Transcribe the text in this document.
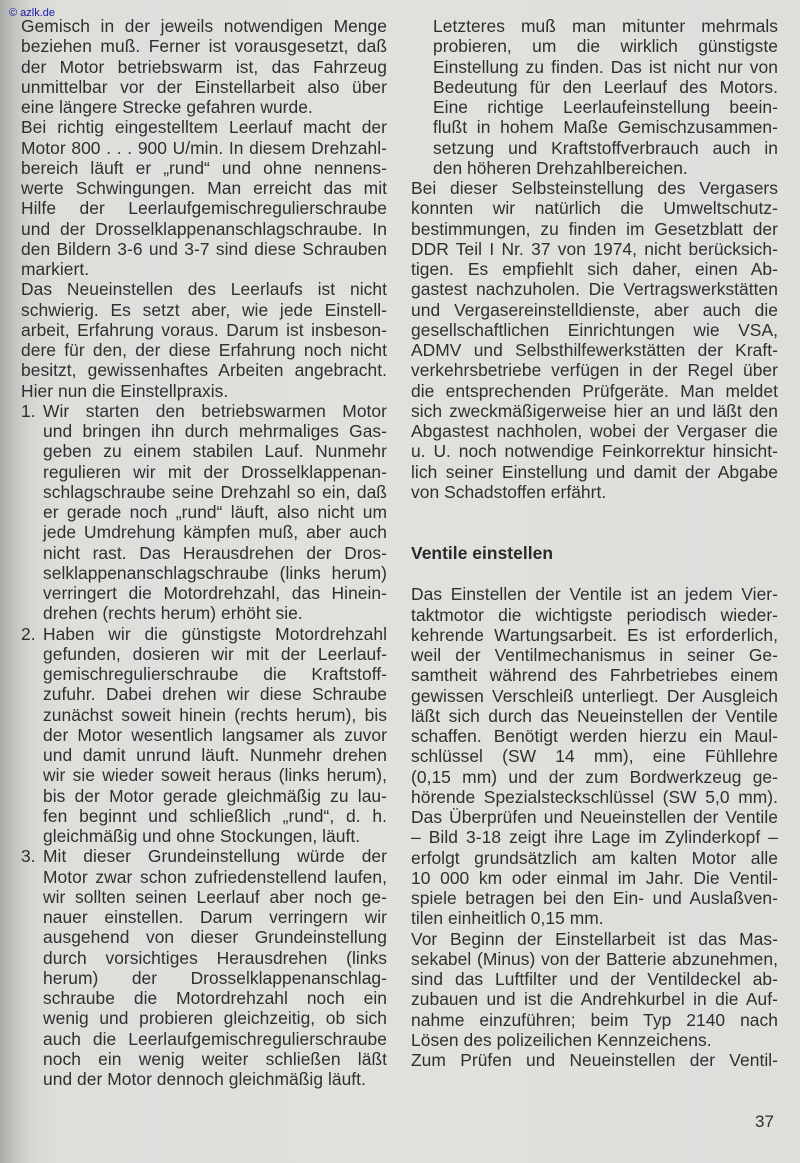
© azlk.de
Gemisch in der jeweils notwendigen Menge
beziehen muß. Ferner ist vorausgesetzt, daß
der Motor betriebswarm ist, das Fahrzeug
unmittelbar vor der Einstellarbeit also über
eine längere Strecke gefahren wurde.
Bei richtig eingestelltem Leerlauf macht der
Motor 800 . . . 900 U/min. In diesem Drehzahl-
bereich läuft er „rund“ und ohne nennens-
werte Schwingungen. Man erreicht das mit
Hilfe der Leerlaufgemischregulierschraube
und der Drosselklappenanschlagschraube. In
den Bildern 3-6 und 3-7 sind diese Schrauben
markiert.
Das Neueinstellen des Leerlaufs ist nicht
schwierig. Es setzt aber, wie jede Einstell-
arbeit, Erfahrung voraus. Darum ist insbeson-
dere für den, der diese Erfahrung noch nicht
besitzt, gewissenhaftes Arbeiten angebracht.
Hier nun die Einstellpraxis.
1. Wir starten den betriebswarmen Motor
und bringen ihn durch mehrmaliges Gas-
geben zu einem stabilen Lauf. Nunmehr
regulieren wir mit der Drosselklappenan-
schlagschraube seine Drehzahl so ein, daß
er gerade noch „rund“ läuft, also nicht um
jede Umdrehung kämpfen muß, aber auch
nicht rast. Das Herausdrehen der Dros-
selklappenanschlagschraube (links herum)
verringert die Motordrehzahl, das Hinein-
drehen (rechts herum) erhöht sie.
2. Haben wir die günstigste Motordrehzahl
gefunden, dosieren wir mit der Leerlauf-
gemischregulierschraube die Kraftstoff-
zufuhr. Dabei drehen wir diese Schraube
zunächst soweit hinein (rechts herum), bis
der Motor wesentlich langsamer als zuvor
und damit unrund läuft. Nunmehr drehen
wir sie wieder soweit heraus (links herum),
bis der Motor gerade gleichmäßig zu lau-
fen beginnt und schließlich „rund“, d. h.
gleichmäßig und ohne Stockungen, läuft.
3. Mit dieser Grundeinstellung würde der
Motor zwar schon zufriedenstellend laufen,
wir sollten seinen Leerlauf aber noch ge-
nauer einstellen. Darum verringern wir
ausgehend von dieser Grundeinstellung
durch vorsichtiges Herausdrehen (links
herum) der Drosselklappenanschlag-
schraube die Motordrehzahl noch ein
wenig und probieren gleichzeitig, ob sich
auch die Leerlaufgemischregulierschraube
noch ein wenig weiter schließen läßt
und der Motor dennoch gleichmäßig läuft.
Letzteres muß man mitunter mehrmals
probieren, um die wirklich günstigste
Einstellung zu finden. Das ist nicht nur von
Bedeutung für den Leerlauf des Motors.
Eine richtige Leerlaufeinstellung beein-
flußt in hohem Maße Gemischzusammen-
setzung und Kraftstoffverbrauch auch in
den höheren Drehzahlbereichen.
Bei dieser Selbsteinstellung des Vergasers
konnten wir natürlich die Umweltschutz-
bestimmungen, zu finden im Gesetzblatt der
DDR Teil I Nr. 37 von 1974, nicht berücksich-
tigen. Es empfiehlt sich daher, einen Ab-
gastest nachzuholen. Die Vertragswerkstätten
und Vergasereinstelldienste, aber auch die
gesellschaftlichen Einrichtungen wie VSA,
ADMV und Selbsthilfewerkstätten der Kraft-
verkehrsbetriebe verfügen in der Regel über
die entsprechenden Prüfgeräte. Man meldet
sich zweckmäßigerweise hier an und läßt den
Abgastest nachholen, wobei der Vergaser die
u. U. noch notwendige Feinkorrektur hinsicht-
lich seiner Einstellung und damit der Abgabe
von Schadstoffen erfährt.
Ventile einstellen
Das Einstellen der Ventile ist an jedem Vier-
taktmotor die wichtigste periodisch wieder-
kehrende Wartungsarbeit. Es ist erforderlich,
weil der Ventilmechanismus in seiner Ge-
samtheit während des Fahrbetriebes einem
gewissen Verschleiß unterliegt. Der Ausgleich
läßt sich durch das Neueinstellen der Ventile
schaffen. Benötigt werden hierzu ein Maul-
schlüssel (SW 14 mm), eine Fühllehre
(0,15 mm) und der zum Bordwerkzeug ge-
hörende Spezialsteckschlüssel (SW 5,0 mm).
Das Überprüfen und Neueinstellen der Ventile
– Bild 3-18 zeigt ihre Lage im Zylinderkopf –
erfolgt grundsätzlich am kalten Motor alle
10 000 km oder einmal im Jahr. Die Ventil-
spiele betragen bei den Ein- und Auslaßven-
tilen einheitlich 0,15 mm.
Vor Beginn der Einstellarbeit ist das Mas-
sekabel (Minus) von der Batterie abzunehmen,
sind das Luftfilter und der Ventildeckel ab-
zubauen und ist die Andrehkurbel in die Auf-
nahme einzuführen; beim Typ 2140 nach
Lösen des polizeilichen Kennzeichens.
Zum Prüfen und Neueinstellen der Ventil-
37
